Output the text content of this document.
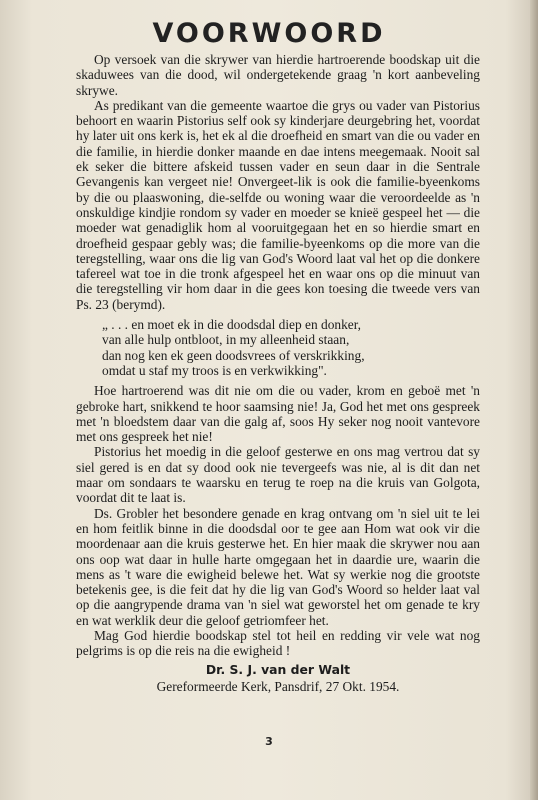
VOORWOORD

Op versoek van die skrywer van hierdie hartroerende boodskap uit die skaduwees van die dood, wil ondergetekende graag 'n kort aanbeveling skrywe.

As predikant van die gemeente waartoe die grys ou vader van Pistorius behoort en waarin Pistorius self ook sy kinderjare deurgebring het, voordat hy later uit ons kerk is, het ek al die droefheid en smart van die ou vader en die familie, in hierdie donker maande en dae intens meegemaak. Nooit sal ek seker die bittere afskeid tussen vader en seun daar in die Sentrale Gevangenis kan vergeet nie! Onvergeet-lik is ook die familie-byeenkoms by die ou plaaswoning, die-selfde ou woning waar die veroordeelde as 'n onskuldige kindjie rondom sy vader en moeder se knieë gespeel het — die moeder wat genadiglik hom al vooruitgegaan het en so hierdie smart en droefheid gespaar gebly was; die familie-byeenkoms op die more van die teregstelling, waar ons die lig van God's Woord laat val het op die donkere tafereel wat toe in die tronk afgespeel het en waar ons op die minuut van die teregstelling vir hom daar in die gees kon toesing die tweede vers van Ps. 23 (berymd).

„ . . . en moet ek in die doodsdal diep en donker,
van alle hulp ontbloot, in my alleenheid staan,
dan nog ken ek geen doodsvrees of verskrikking,
omdat u staf my troos is en verkwikking".

Hoe hartroerend was dit nie om die ou vader, krom en geboë met 'n gebroke hart, snikkend te hoor saamsing nie! Ja, God het met ons gespreek met 'n bloedstem daar van die galg af, soos Hy seker nog nooit vantevore met ons gespreek het nie!

Pistorius het moedig in die geloof gesterwe en ons mag vertrou dat sy siel gered is en dat sy dood ook nie tevergeefs was nie, al is dit dan net maar om sondaars te waarsku en terug te roep na die kruis van Golgota, voordat dit te laat is.

Ds. Grobler het besondere genade en krag ontvang om 'n siel uit te lei en hom feitlik binne in die doodsdal oor te gee aan Hom wat ook vir die moordenaar aan die kruis gesterwe het. En hier maak die skrywer nou aan ons oop wat daar in hulle harte omgegaan het in daardie ure, waarin die mens as 't ware die ewigheid belewe het. Wat sy werkie nog die grootste betekenis gee, is die feit dat hy die lig van God's Woord so helder laat val op die aangrypende drama van 'n siel wat geworstel het om genade te kry en wat werklik deur die geloof getriomfeer het.

Mag God hierdie boodskap stel tot heil en redding vir vele wat nog pelgrims is op die reis na die ewigheid !

Dr. S. J. van der Walt
Gereformeerde Kerk, Pansdrif, 27 Okt. 1954.
3
